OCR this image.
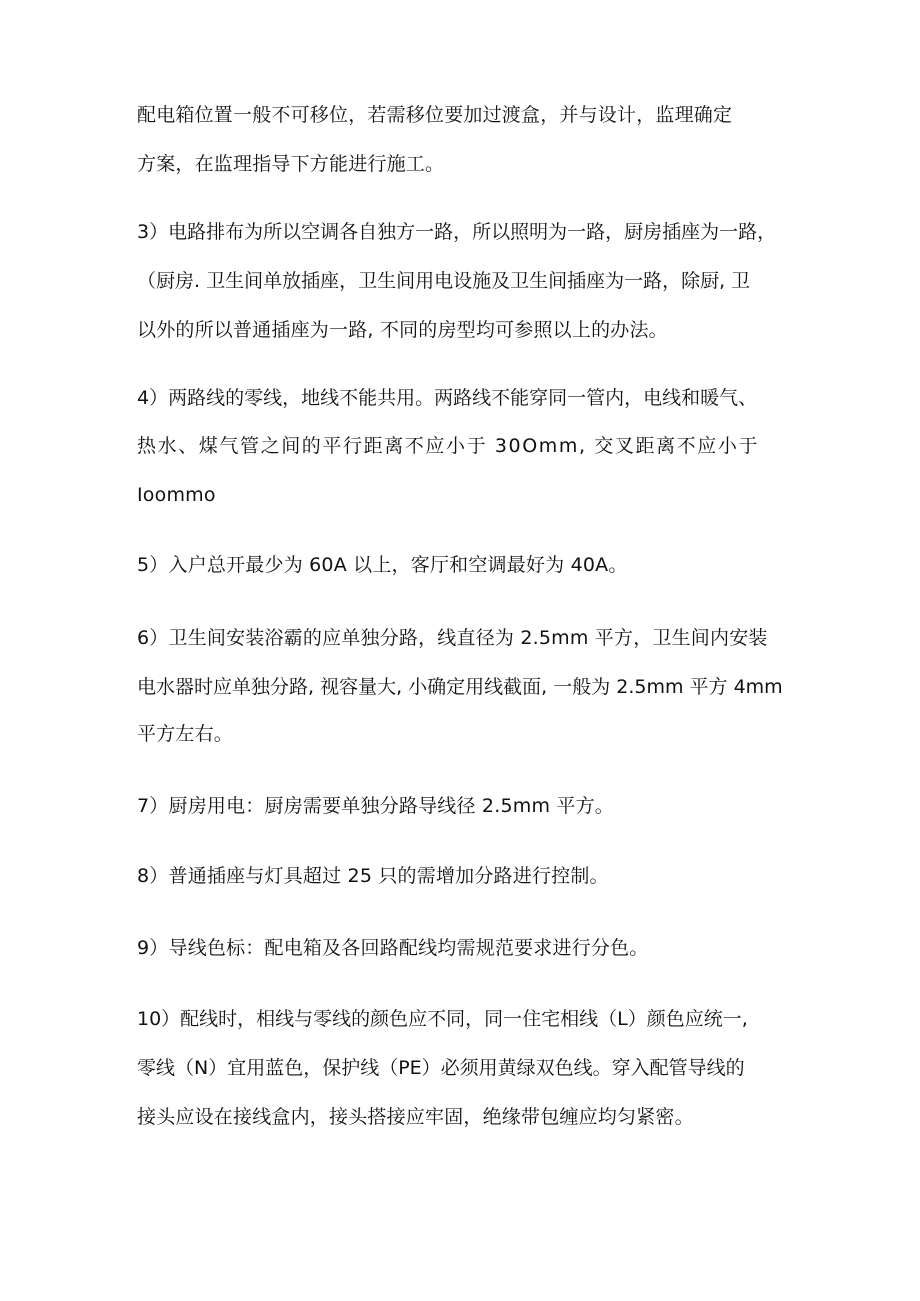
配电箱位置一般不可移位，若需移位要加过渡盒，并与设计，监理确定
方案，在监理指导下方能进行施工。
3）电路排布为所以空调各自独方一路，所以照明为一路，厨房插座为一路，
（厨房. 卫生间单放插座，卫生间用电设施及卫生间插座为一路，除厨, 卫
以外的所以普通插座为一路, 不同的房型均可参照以上的办法。
4）两路线的零线，地线不能共用。两路线不能穿同一管内，电线和暖气、
热水、煤气管之间的平行距离不应小于 30Omm, 交叉距离不应小于
Ioommo
5）入户总开最少为 60A 以上，客厅和空调最好为 40A。
6）卫生间安装浴霸的应单独分路，线直径为 2.5mm 平方，卫生间内安装
电水器时应单独分路, 视容量大, 小确定用线截面, 一般为 2.5mm 平方 4mm
平方左右。
7）厨房用电：厨房需要单独分路导线径 2.5mm 平方。
8）普通插座与灯具超过 25 只的需增加分路进行控制。
9）导线色标：配电箱及各回路配线均需规范要求进行分色。
10）配线时，相线与零线的颜色应不同，同一住宅相线（L）颜色应统一,
零线（N）宜用蓝色，保护线（PE）必须用黄绿双色线。穿入配管导线的
接头应设在接线盒内，接头搭接应牢固，绝缘带包缠应均匀紧密。
